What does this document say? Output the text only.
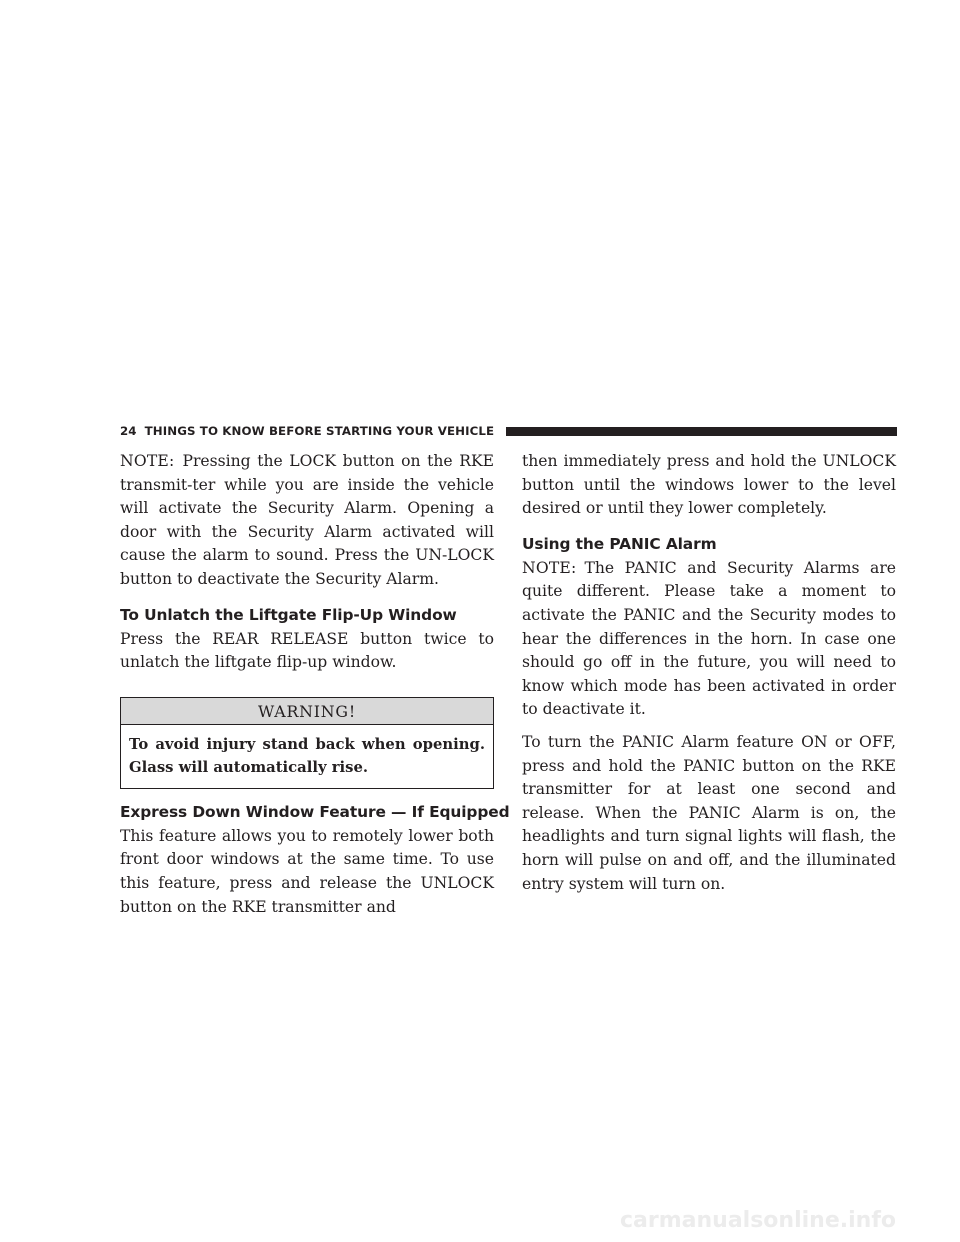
24 THINGS TO KNOW BEFORE STARTING YOUR VEHICLE

NOTE: Pressing the LOCK button on the RKE transmit-ter while you are inside the vehicle will activate the Security Alarm. Opening a door with the Security Alarm activated will cause the alarm to sound. Press the UN-LOCK button to deactivate the Security Alarm.

To Unlatch the Liftgate Flip-Up Window

Press the REAR RELEASE button twice to unlatch the liftgate flip-up window.

WARNING!
To avoid injury stand back when opening. Glass will automatically rise.
Express Down Window Feature — If Equipped

This feature allows you to remotely lower both front door windows at the same time. To use this feature, press and release the UNLOCK button on the RKE transmitter and

then immediately press and hold the UNLOCK button until the windows lower to the level desired or until they lower completely.

Using the PANIC Alarm

NOTE: The PANIC and Security Alarms are quite different. Please take a moment to activate the PANIC and the Security modes to hear the differences in the horn. In case one should go off in the future, you will need to know which mode has been activated in order to deactivate it.

To turn the PANIC Alarm feature ON or OFF, press and hold the PANIC button on the RKE transmitter for at least one second and release. When the PANIC Alarm is on, the headlights and turn signal lights will flash, the horn will pulse on and off, and the illuminated entry system will turn on.

carmanualsonline.info
